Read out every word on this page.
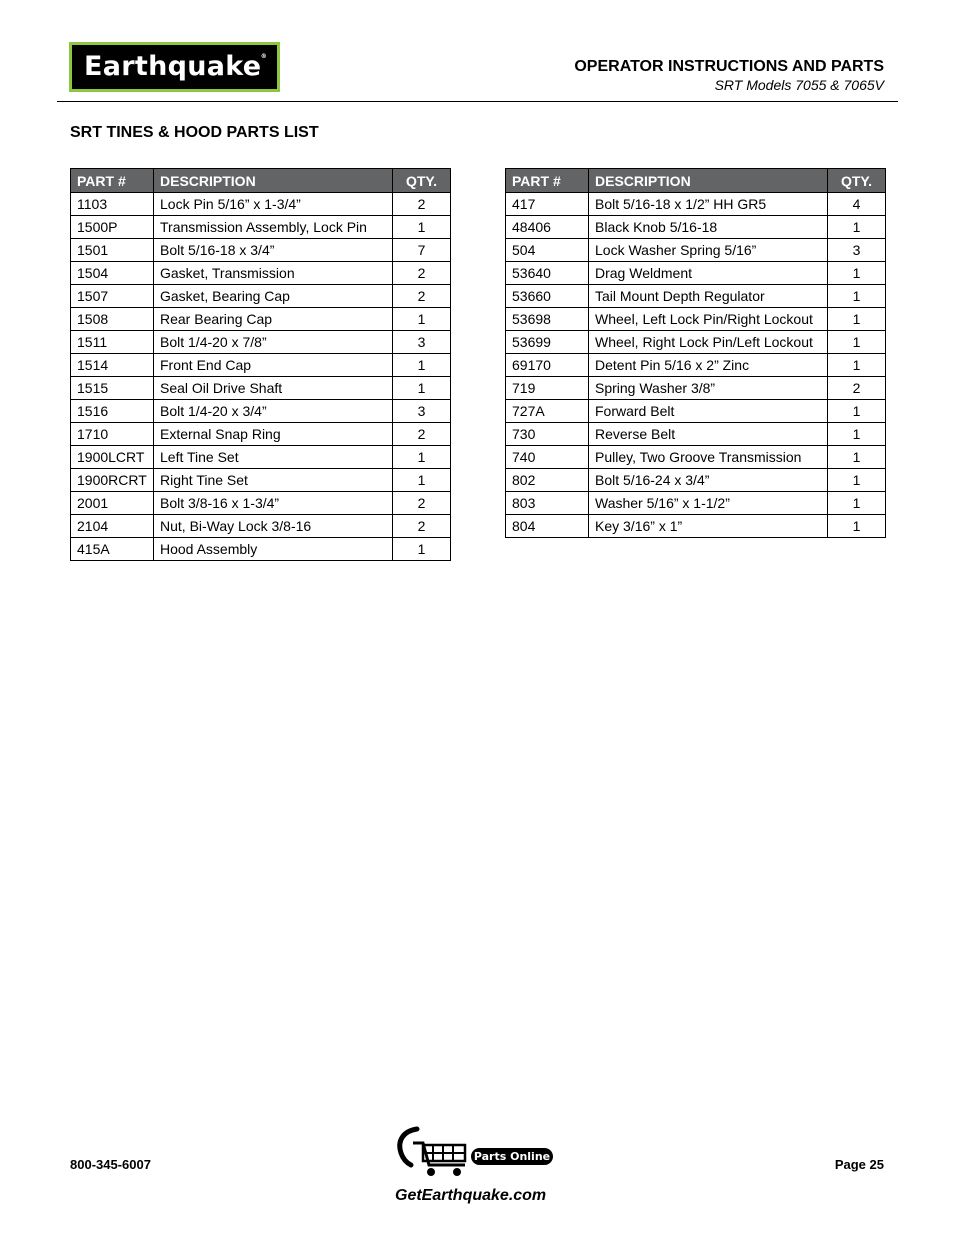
Earthquake ®
OPERATOR INSTRUCTIONS AND PARTS
SRT Models 7055 & 7065V
SRT TINES & HOOD PARTS LIST
PART #	DESCRIPTION	QTY.
1103	Lock Pin 5/16” x 1-3/4”	2
1500P	Transmission Assembly, Lock Pin	1
1501	Bolt 5/16-18 x 3/4”	7
1504	Gasket, Transmission	2
1507	Gasket, Bearing Cap	2
1508	Rear Bearing Cap	1
1511	Bolt 1/4-20 x 7/8”	3
1514	Front End Cap	1
1515	Seal Oil Drive Shaft	1
1516	Bolt 1/4-20 x 3/4”	3
1710	External Snap Ring	2
1900LCRT	Left Tine Set	1
1900RCRT	Right Tine Set	1
2001	Bolt 3/8-16 x 1-3/4”	2
2104	Nut, Bi-Way Lock 3/8-16	2
415A	Hood Assembly	1
PART #	DESCRIPTION	QTY.
417	Bolt 5/16-18 x 1/2” HH GR5	4
48406	Black Knob 5/16-18	1
504	Lock Washer Spring 5/16”	3
53640	Drag Weldment	1
53660	Tail Mount Depth Regulator	1
53698	Wheel, Left Lock Pin/Right Lockout	1
53699	Wheel, Right Lock Pin/Left Lockout	1
69170	Detent Pin 5/16 x 2” Zinc	1
719	Spring Washer 3/8”	2
727A	Forward Belt	1
730	Reverse Belt	1
740	Pulley, Two Groove Transmission	1
802	Bolt 5/16-24 x 3/4”	1
803	Washer 5/16” x 1-1/2”	1
804	Key 3/16” x 1”	1
800-345-6007
Parts Online
GetEarthquake.com
Page 25
